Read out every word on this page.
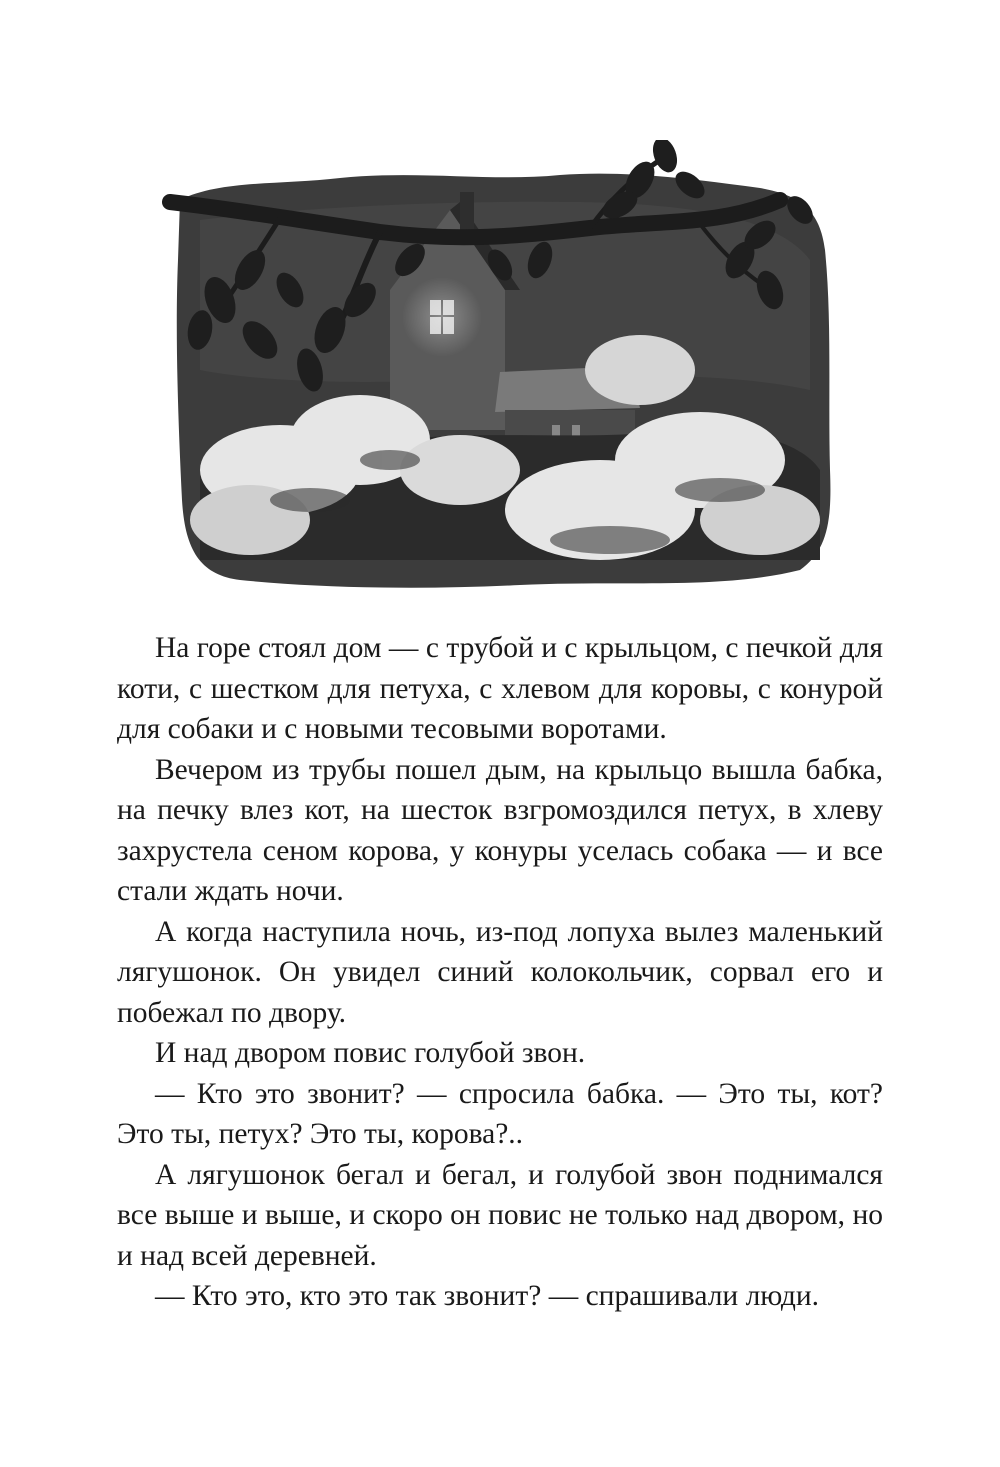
На горе стоял дом — с трубой и с крыльцом, с печкой для коти, с шестком для петуха, с хлевом для коровы, с конурой для собаки и с новыми тесовыми воротами.

Вечером из трубы пошел дым, на крыльцо вышла бабка, на печку влез кот, на шесток взгромоздился петух, в хлеву захрустела сеном корова, у конуры уселась собака — и все стали ждать ночи.

А когда наступила ночь, из-под лопуха вылез маленький лягушонок. Он увидел синий колокольчик, сорвал его и побежал по двору.

И над двором повис голубой звон.

— Кто это звонит? — спросила бабка. — Это ты, кот? Это ты, петух? Это ты, корова?..

А лягушонок бегал и бегал, и голубой звон поднимался все выше и выше, и скоро он повис не только над двором, но и над всей деревней.

— Кто это, кто это так звонит? — спрашивали люди.
